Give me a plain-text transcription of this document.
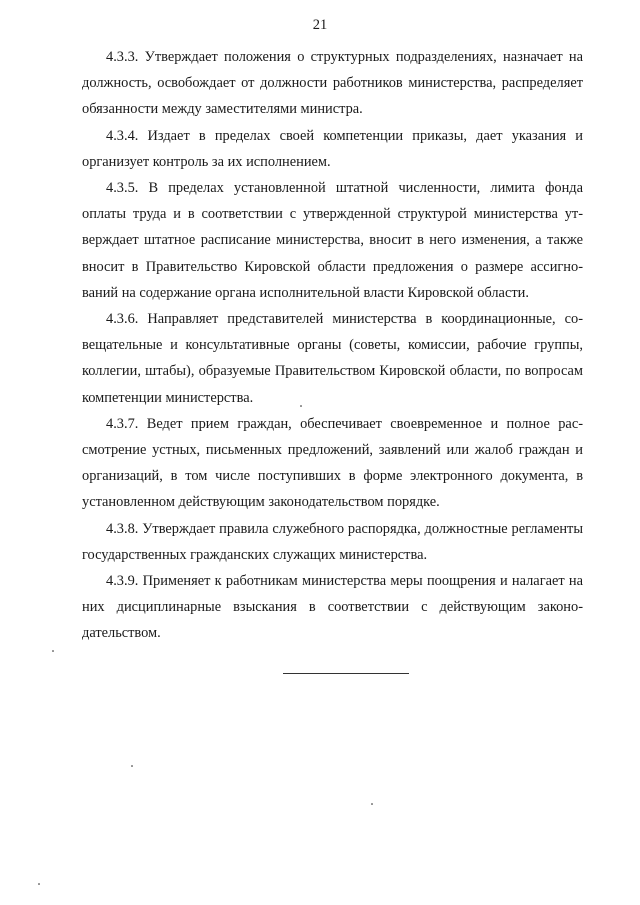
21

4.3.3. Утверждает положения о структурных подразделениях, назначает на должность, освобождает от должности работников министерства, распределяет обязанности между заместителями министра.

4.3.4. Издает в пределах своей компетенции приказы, дает указания и организует контроль за их исполнением.

4.3.5. В пределах установленной штатной численности, лимита фонда оплаты труда и в соответствии с утвержденной структурой министерства утверждает штатное расписание министерства, вносит в него изменения, а также вносит в Правительство Кировской области предложения о размере ассигнований на содержание органа исполнительной власти Кировской области.

4.3.6. Направляет представителей министерства в координационные, совещательные и консультативные органы (советы, комиссии, рабочие группы, коллегии, штабы), образуемые Правительством Кировской области, по вопросам компетенции министерства.

4.3.7. Ведет прием граждан, обеспечивает своевременное и полное рассмотрение устных, письменных предложений, заявлений или жалоб граждан и организаций, в том числе поступивших в форме электронного документа, в установленном действующим законодательством порядке.

4.3.8. Утверждает правила служебного распорядка, должностные регламенты государственных гражданских служащих министерства.

4.3.9. Применяет к работникам министерства меры поощрения и налагает на них дисциплинарные взыскания в соответствии с действующим законодательством.
